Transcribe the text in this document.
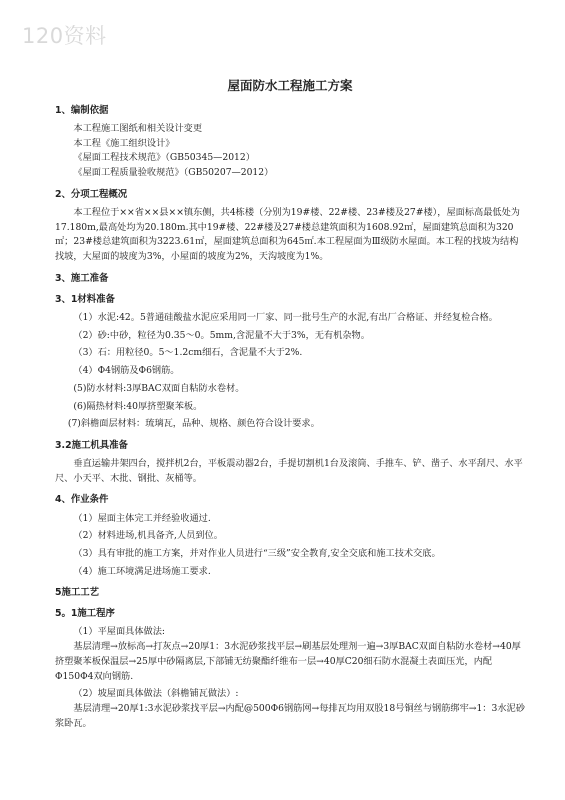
120资料
屋面防水工程施工方案
1、编制依据

本工程施工图纸和相关设计变更

本工程《施工组织设计》

《屋面工程技术规范》（GB50345—2012）

《屋面工程质量验收规范》（GB50207—2012）

2、分项工程概况

本工程位于××省××县××镇东侧，共4栋楼（分别为19#楼、22#楼、23#楼及27#楼），屋面标高最低处为17.180m,最高处均为20.180m.其中19#楼、22#楼及27#楼总建筑面积为1608.92㎡，屋面建筑总面积为320㎡；23#楼总建筑面积为3223.61㎡，屋面建筑总面积为645㎡.本工程屋面为Ⅲ级防水屋面。本工程的找坡为结构找坡，大屋面的坡度为3%，小屋面的坡度为2%，天沟坡度为1%。

3、施工准备
3、1材料准备

（1）水泥:42。5普通硅酸盐水泥应采用同一厂家、同一批号生产的水泥,有出厂合格证、并经复检合格。

（2）砂:中砂，粒径为0.35～0。5mm,含泥量不大于3%，无有机杂物。

（3）石：用粒径0。5～1.2cm细石，含泥量不大于2%.

（4）Φ4钢筋及Φ6钢筋。

(5)防水材料:3厚BAC双面自粘防水卷材。

(6)隔热材料:40厚挤塑聚苯板。

(7)斜檐面层材料：琉璃瓦，品种、规格、颜色符合设计要求。

3.2施工机具准备

垂直运输井架四台，搅拌机2台，平板震动器2台，手提切割机1台及滚筒、手推车、铲、凿子、水平刮尺、水平尺、小天平、木批、钢批、灰桶等。

4、作业条件

（1）屋面主体完工并经验收通过.

（2）材料进场,机具备齐,人员到位。

（3）具有审批的施工方案，并对作业人员进行“三级”安全教育,安全交底和施工技术交底。

（4）施工环境满足进场施工要求.

5施工工艺
5。1施工程序

（1）平屋面具体做法:

基层清理→放标高→打灰点→20厚1：3水泥砂浆找平层→刷基层处理剂一遍→3厚BAC双面自粘防水卷材→40厚挤塑聚苯板保温层→25厚中砂隔离层,下部铺无纺聚酯纤维布一层→40厚C20细石防水混凝土表面压光，内配Φ150Φ4双向钢筋.

（2）坡屋面具体做法（斜檐铺瓦做法）:

基层清理→20厚1:3水泥砂浆找平层→内配@500Φ6钢筋网→每排瓦均用双股18号铜丝与钢筋绑牢→1：3水泥砂浆卧瓦。
